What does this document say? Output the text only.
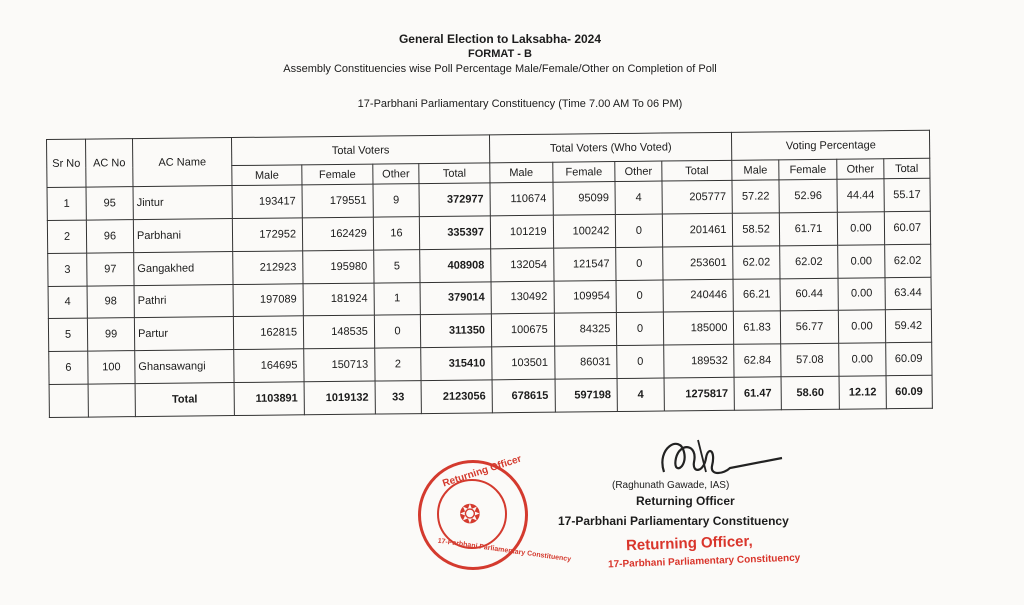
General Election to Laksabha- 2024
FORMAT - B
Assembly Constituencies wise Poll Percentage Male/Female/Other on Completion of Poll
17-Parbhani Parliamentary Constituency (Time 7.00 AM To 06 PM)
Sr No	AC No	AC Name	Total Voters				Total Voters (Who Voted)				Voting Percentage			
			Male	Female	Other	Total	Male	Female	Other	Total	Male	Female	Other	Total
1	95	Jintur	193417	179551	9	372977	110674	95099	4	205777	57.22	52.96	44.44	55.17
2	96	Parbhani	172952	162429	16	335397	101219	100242	0	201461	58.52	61.71	0.00	60.07
3	97	Gangakhed	212923	195980	5	408908	132054	121547	0	253601	62.02	62.02	0.00	62.02
4	98	Pathri	197089	181924	1	379014	130492	109954	0	240446	66.21	60.44	0.00	63.44
5	99	Partur	162815	148535	0	311350	100675	84325	0	185000	61.83	56.77	0.00	59.42
6	100	Ghansawangi	164695	150713	2	315410	103501	86031	0	189532	62.84	57.08	0.00	60.09
		Total	1103891	1019132	33	2123056	678615	597198	4	1275817	61.47	58.60	12.12	60.09
Returning Officer
❂
17-Parbhani Parliamentary Constituency
(Raghunath Gawade, IAS)
Returning Officer
17-Parbhani Parliamentary Constituency
Returning Officer,
17-Parbhani Parliamentary Constituency
